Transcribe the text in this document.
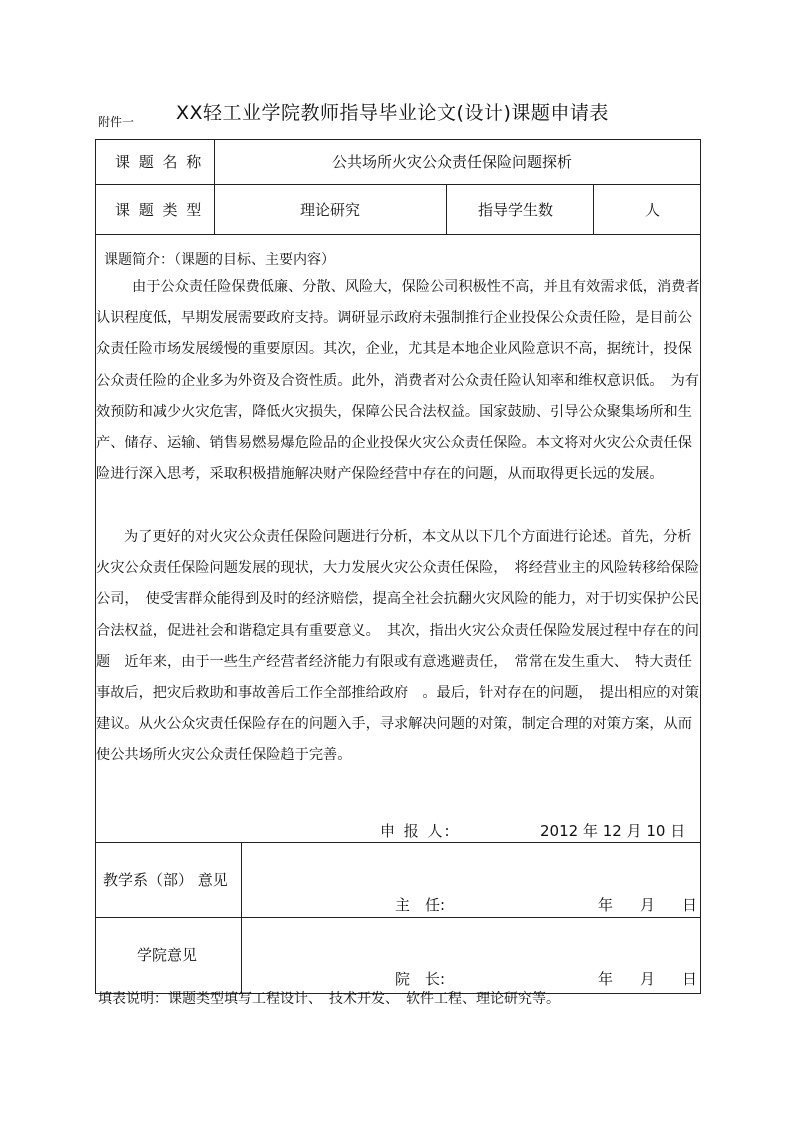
附件一 XX轻工业学院教师指导毕业论文(设计)课题申请表
课 题 名 称	公共场所火灾公众责任保险问题探析
课 题 类 型	理论研究	指导学生数	人
课题简介：（课题的目标、主要内容）
由于公众责任险保费低廉、分散、风险大，保险公司积极性不高，并且有效需求低，消费者认识程度低，早期发展需要政府支持。调研显示政府未强制推行企业投保公众责任险，是目前公众责任险市场发展缓慢的重要原因。其次，企业，尤其是本地企业风险意识不高，据统计，投保公众责任险的企业多为外资及合资性质。此外，消费者对公众责任险认知率和维权意识低。　为有效预防和减少火灾危害，降低火灾损失，保障公民合法权益。国家鼓励、引导公众聚集场所和生产、储存、运输、销售易燃易爆危险品的企业投保火灾公众责任保险。本文将对火灾公众责任保险进行深入思考，采取积极措施解决财产保险经营中存在的问题，从而取得更长远的发展。
为了更好的对火灾公众责任保险问题进行分析，本文从以下几个方面进行论述。首先，分析火灾公众责任保险问题发展的现状，大力发展火灾公众责任保险，　将经营业主的风险转移给保险公司，　使受害群众能得到及时的经济赔偿，提高全社会抗翻火灾风险的能力，对于切实保护公民合法权益，促进社会和谐稳定具有重要意义。　其次，指出火灾公众责任保险发展过程中存在的问题　近年来，由于一些生产经营者经济能力有限或有意逃避责任，　常常在发生重大、　特大责任事故后，把灾后救助和事故善后工作全部推给政府　。最后，针对存在的问题，　提出相应的对策建议。从火公众灾责任保险存在的问题入手，寻求解决问题的对策，制定合理的对策方案，从而使公共场所火灾公众责任保险趋于完善。
申 报 人:	2012 年 12 月 10 日
教学系（部） 意见
主　任:	年 月 日
学院意见
院　长:	年 月 日
填表说明：课题类型填写工程设计、　技术开发、　软件工程、理论研究等。
